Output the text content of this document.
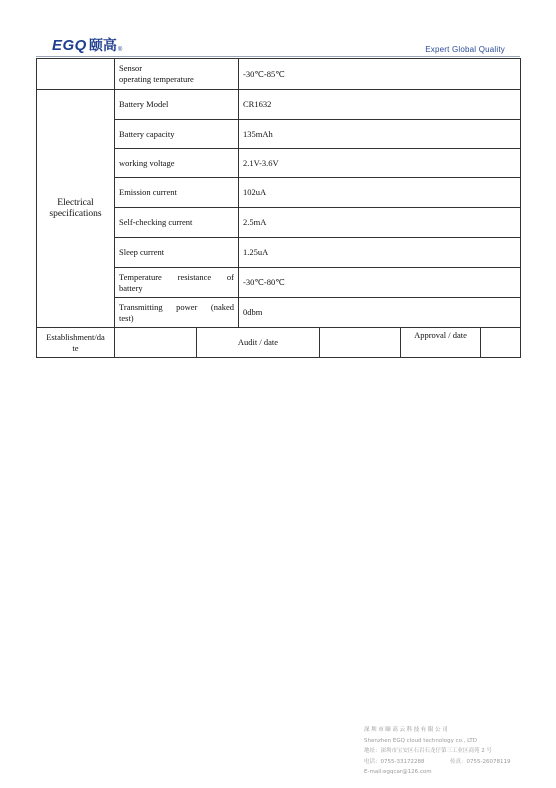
EGQ 颐高 ®	Expert Global Quality
	Sensor
operating temperature		-30℃-85℃		
Electrical
specifications	Battery Model		CR1632		
	Battery capacity		135mAh		
	working voltage		2.1V-3.6V		
	Emission current		102uA		
	Self-checking current		2.5mA		
	Sleep current		1.25uA		

	Temperature resistance of
battery		-30℃-80℃		

	Transmitting power (naked
test)		0dbm		
Establishment/da
te		Audit / date			Approval / date
深圳市颐高云科技有限公司
Shenzhen EGQ cloud technology co., LTD
地址：深圳市宝安区石岩石龙仔第三工业区商苑 2 号
电话：0755-33172288	传真：0755-26078119
E-mail:egqcar@126.com
